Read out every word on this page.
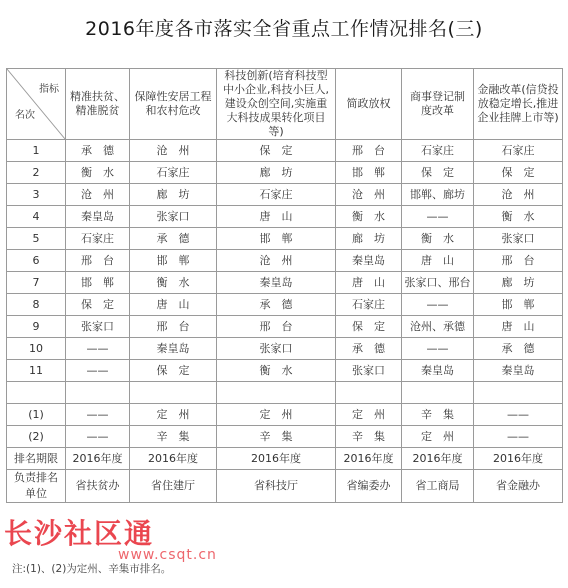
2016年度各市落实全省重点工作情况排名(三)
指标
名次	精准扶贫、精准脱贫	保障性安居工程和农村危改	科技创新(培育科技型中小企业,科技小巨人,建设众创空间,实施重大科技成果转化项目等)	简政放权	商事登记制度改革	金融改革(信贷投放稳定增长,推进企业挂牌上市等)

1	承　德	沧　州	保　定	邢　台	石家庄	石家庄
2	衡　水	石家庄	廊　坊	邯　郸	保　定	保　定
3	沧　州	廊　坊	石家庄	沧　州	邯郸、廊坊	沧　州
4	秦皇岛	张家口	唐　山	衡　水	——	衡　水
5	石家庄	承　德	邯　郸	廊　坊	衡　水	张家口
6	邢　台	邯　郸	沧　州	秦皇岛	唐　山	邢　台
7	邯　郸	衡　水	秦皇岛	唐　山	张家口、邢台	廊　坊
8	保　定	唐　山	承　德	石家庄	——	邯　郸
9	张家口	邢　台	邢　台	保　定	沧州、承德	唐　山
10	——	秦皇岛	张家口	承　德	——	承　德
11	——	保　定	衡　水	张家口	秦皇岛	秦皇岛

(1)	——	定　州	定　州	定　州	辛　集	——
(2)	——	辛　集	辛　集	辛　集	定　州	——
排名期限	2016年度	2016年度	2016年度	2016年度	2016年度	2016年度

负责排名单位	省扶贫办	省住建厅	省科技厅	省编委办	省工商局	省金融办
长沙社区通
www.csqt.cn
注:(1)、(2)为定州、辛集市排名。
